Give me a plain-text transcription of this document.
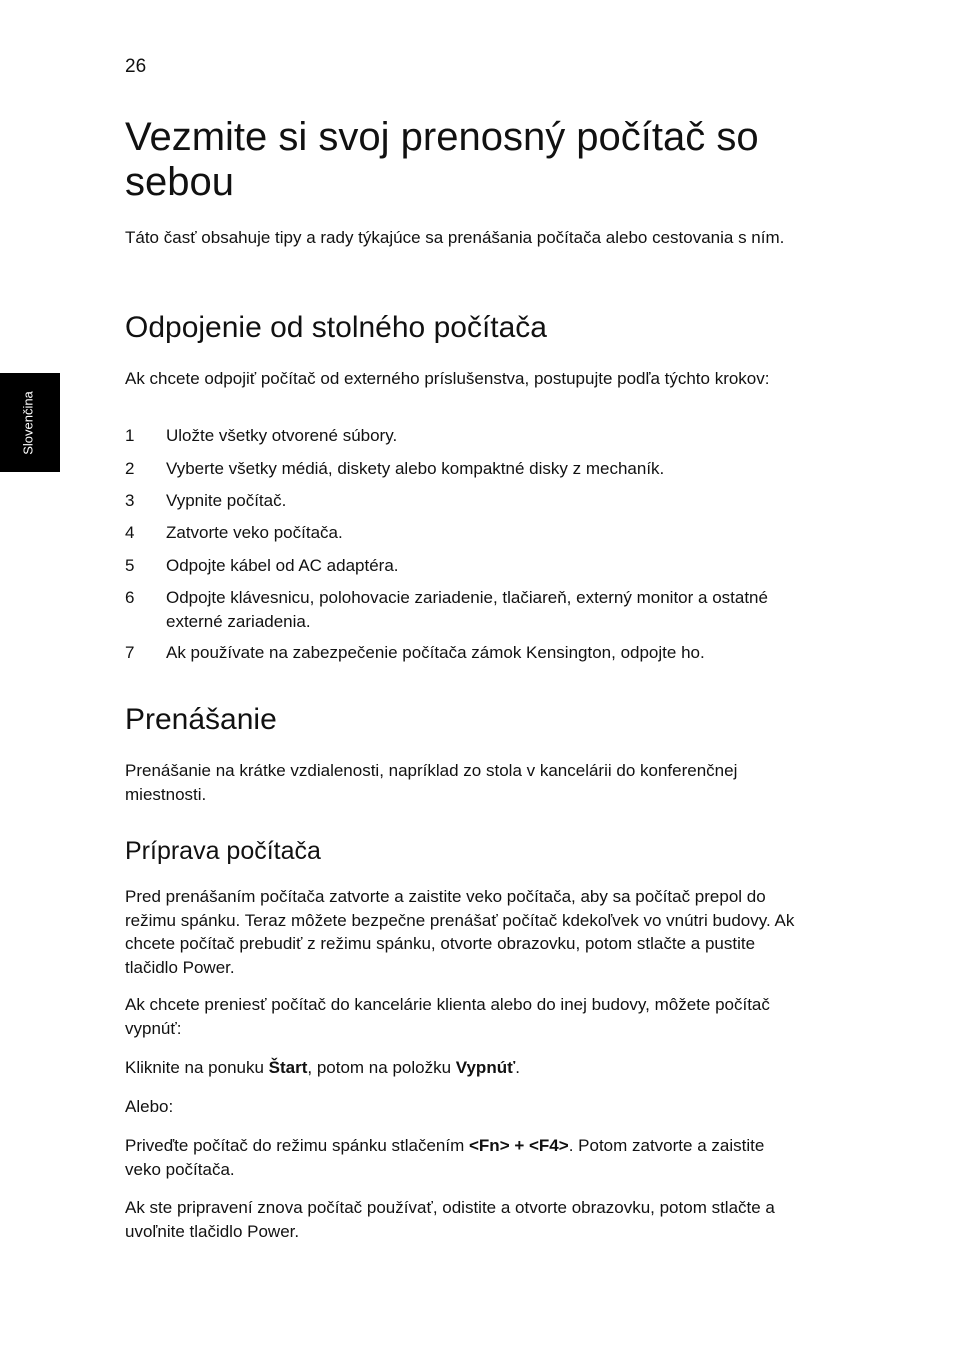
26
Slovenčina
Vezmite si svoj prenosný počítač so sebou

Táto časť obsahuje tipy a rady týkajúce sa prenášania počítača alebo cestovania s ním.

Odpojenie od stolného počítača

Ak chcete odpojiť počítač od externého príslušenstva, postupujte podľa týchto krokov:

1 Uložte všetky otvorené súbory.
2 Vyberte všetky médiá, diskety alebo kompaktné disky z mechaník.
3 Vypnite počítač.
4 Zatvorte veko počítača.
5 Odpojte kábel od AC adaptéra.
6 Odpojte klávesnicu, polohovacie zariadenie, tlačiareň, externý monitor a ostatné externé zariadenia.
7 Ak používate na zabezpečenie počítača zámok Kensington, odpojte ho.
Prenášanie

Prenášanie na krátke vzdialenosti, napríklad zo stola v kancelárii do konferenčnej miestnosti.

Príprava počítača

Pred prenášaním počítača zatvorte a zaistite veko počítača, aby sa počítač prepol do režimu spánku. Teraz môžete bezpečne prenášať počítač kdekoľvek vo vnútri budovy. Ak chcete počítač prebudiť z režimu spánku, otvorte obrazovku, potom stlačte a pustite tlačidlo Power.

Ak chcete preniesť počítač do kancelárie klienta alebo do inej budovy, môžete počítač vypnúť:

Kliknite na ponuku Štart, potom na položku Vypnúť.

Alebo:

Priveďte počítač do režimu spánku stlačením <Fn> + <F4>. Potom zatvorte a zaistite veko počítača.

Ak ste pripravení znova počítač používať, odistite a otvorte obrazovku, potom stlačte a uvoľnite tlačidlo Power.
